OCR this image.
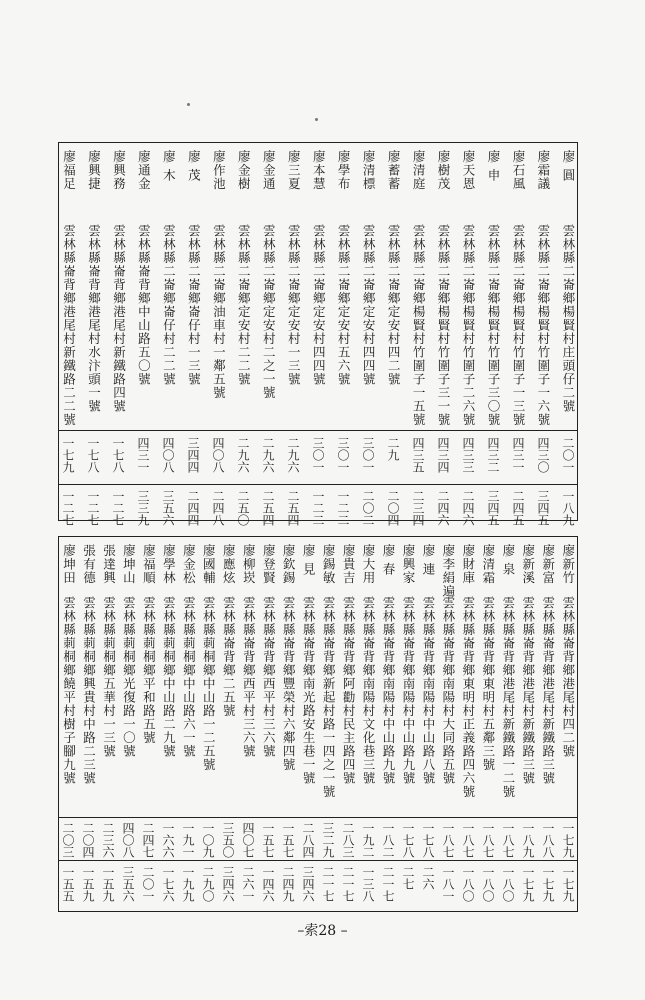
廖 圓
廖霜議
廖石風
廖 申
廖天恩
廖樹茂
廖清庭
廖蓄蓄
廖清標
廖學布
廖本慧
廖三夏
廖金通
廖金樹
廖作池
廖 茂
廖 木
廖通金
廖興務
廖興捷
廖福足
雲林縣二崙鄉楊賢村庄頭仔二號
雲林縣二崙鄉楊賢村竹圍子一六號
雲林縣二崙鄉楊賢村竹圍子一三號
雲林縣二崙鄉楊賢村竹圍子三〇號
雲林縣二崙鄉楊賢村竹圍子二六號
雲林縣二崙鄉楊賢村竹圍子三一號
雲林縣二崙鄉楊賢村竹圍子一五號
雲林縣二崙鄉定安村四二號
雲林縣二崙鄉定安村四四號
雲林縣二崙鄉定安村五六號
雲林縣二崙鄉定安村四四號
雲林縣二崙鄉定安村一三號
雲林縣二崙鄉定安村二之一號
雲林縣二崙鄉定安村二二號
雲林縣二崙鄉油車村一鄰五號
雲林縣二崙鄉崙仔村一三號
雲林縣二崙鄉崙仔村二二號
雲林縣崙背鄉中山路五〇號
雲林縣崙背鄉港尾村新鐵路四號
雲林縣崙背鄉港尾村水汴頭一號
雲林縣崙背鄉港尾村新鐵路二二號
二〇一
四三〇
四三一
四三二
四三三
四三四
四三五
二九
三〇一
三〇一
三〇一
二九六
二九六
二九六
四〇八
三四四
四〇八
四三一
一七八
一七八
一七九
一八九
三四五
二四五
三四五
二四六
二四六
二三四
二〇四
二〇二
一二二
一二二
二五四
二五四
二五〇
二四八
二四四
三五六
三三九
一二七
一二七
一二七
廖新竹
廖新富
廖新溪
廖 泉
廖清霜
廖財庫
廖李絹遍
廖 連
廖興家
廖 春
廖大用
廖貴吉
廖錫敏
廖 見
廖欽錫
廖登賢
廖柳崁
廖應炫
廖國輔
廖金松
廖學林
廖福順
廖坤山
張達興
張有德
廖坤田
雲林縣崙背鄉港尾村四二號
雲林縣崙背鄉港尾村新鐵路三號
雲林縣崙背鄉港尾村新鐵路三號
雲林縣崙背鄉港尾村新鐵路一二號
雲林縣崙背鄉東明村五鄰三號
雲林縣崙背鄉東明村正義路四六號
雲林縣崙背鄉南陽村大同路五號
雲林縣崙背鄉南陽村中山路八號
雲林縣崙背鄉南陽村中山路九號
雲林縣崙背鄉南陽村中山路九號
雲林縣崙背鄉南陽村文化巷三號
雲林縣崙背鄉阿勸村民主路四號
雲林縣崙背鄉新起村路一四之一號
雲林縣崙背鄉南光路安生巷一號
雲林縣崙背鄉豐榮村六鄰四號
雲林縣崙背鄉西平村三六號
雲林縣崙背鄉西平村三六號
雲林縣崙背鄉二五號
雲林縣莿桐鄉中山路一二五號
雲林縣莿桐鄉中山路六一號
雲林縣莿桐鄉中山路二九號
雲林縣莿桐鄉平和路五號
雲林縣莿桐鄉光復路一〇號
雲林縣莿桐鄉五華村一三號
雲林縣莿桐鄉興貴村中路二三號
雲林縣莿桐鄉饒平村樹子腳九號
一七九
一八八
一八九
一八七
一八七
一八七
一八七
一七八
一七八
一八二
一九二
二八三
三二九
二八四
一五七
一五七
四〇七
三五〇
一〇九
一九一
一六六
二四七
四〇八
二三六
二〇四
二〇三
一七九
一七九
一七九
一八〇
一八〇
一八〇
一八一
二六
二七
二一七
一三八
二一七
二一七
三四六
二四九
一四六
二六一
三四六
二九〇
一九九
一七六
二〇一
三五六
一五九
一五九
一五五
–索28 –
